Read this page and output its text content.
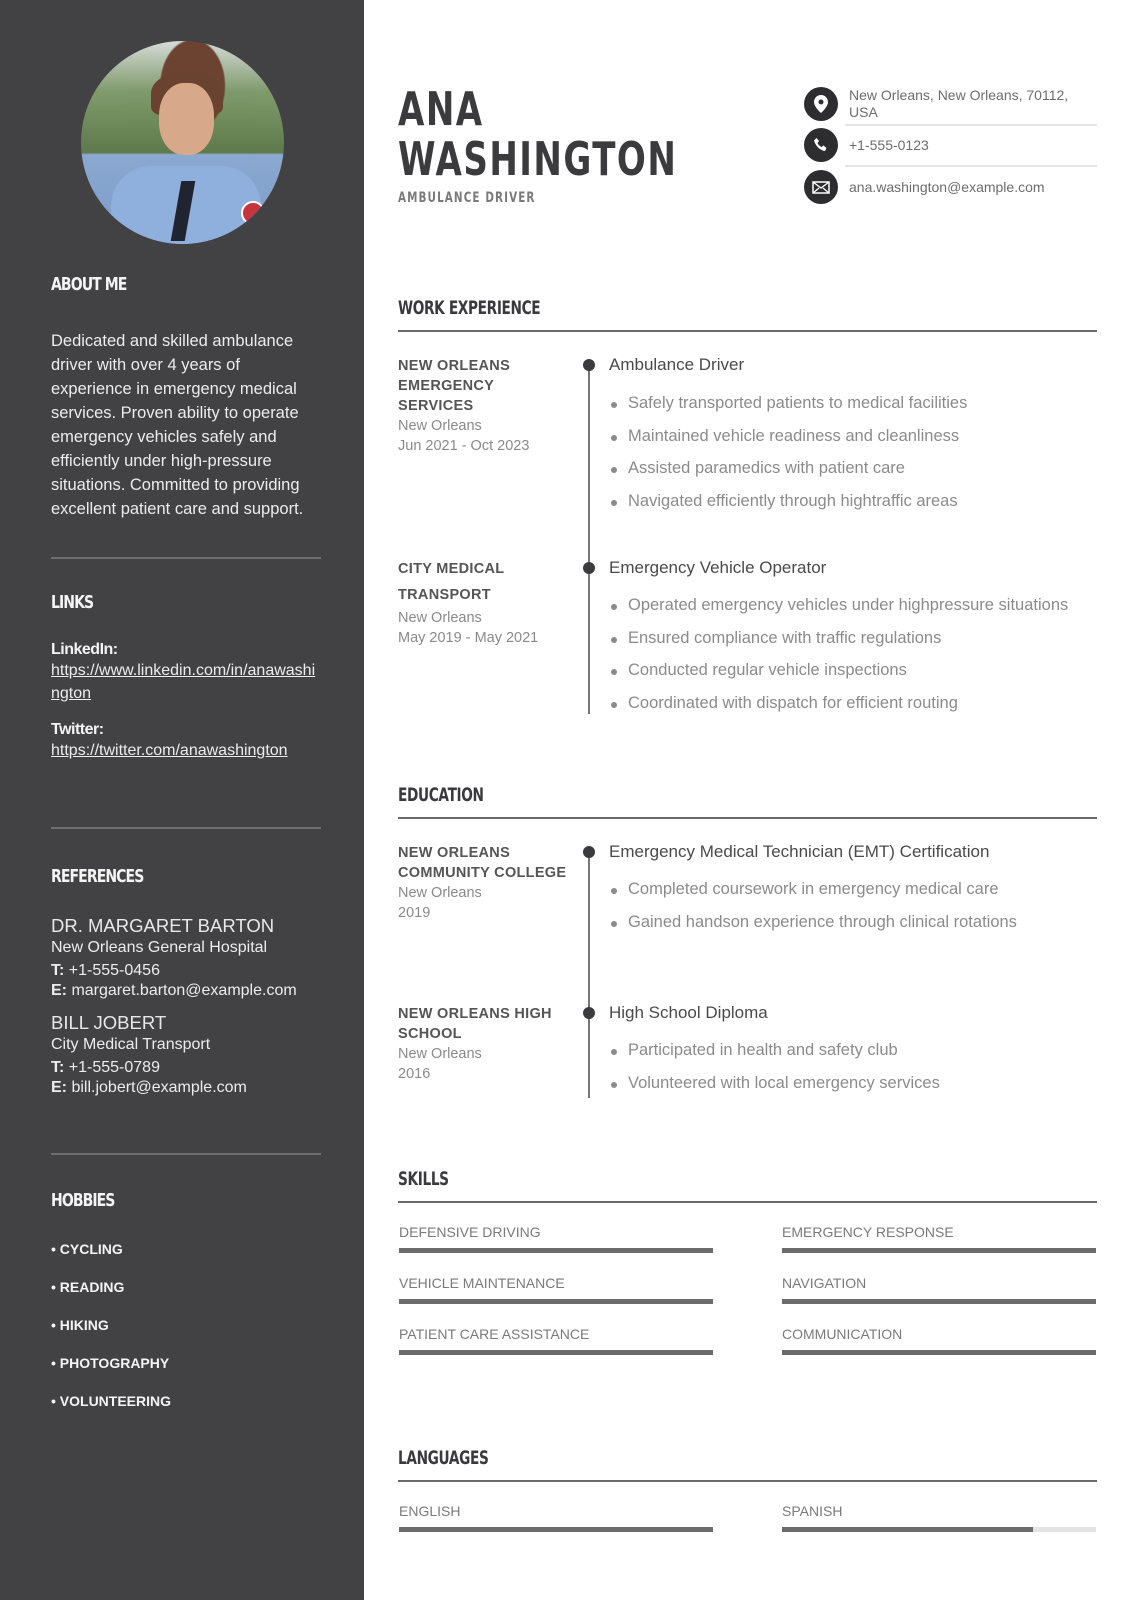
ABOUT ME

Dedicated and skilled ambulance driver with over 4 years of experience in emergency medical services. Proven ability to operate emergency vehicles safely and efficiently under high-pressure situations. Committed to providing excellent patient care and support.

LINKS
LinkedIn:
https://www.linkedin.com/in/anawashington
Twitter:
https://twitter.com/anawashington
REFERENCES
DR. MARGARET BARTON
New Orleans General Hospital
T: +1-555-0456
E: margaret.barton@example.com
BILL JOBERT
City Medical Transport
T: +1-555-0789
E: bill.jobert@example.com
HOBBIES
• CYCLING
• READING
• HIKING
• PHOTOGRAPHY
• VOLUNTEERING
ANA
WASHINGTON
AMBULANCE DRIVER
New Orleans, New Orleans, 70112, USA
+1-555-0123
ana.washington@example.com
WORK EXPERIENCE
NEW ORLEANS EMERGENCY SERVICES
New Orleans
Jun 2021 - Oct 2023
Ambulance Driver
Safely transported patients to medical facilities
Maintained vehicle readiness and cleanliness
Assisted paramedics with patient care
Navigated efficiently through hightraffic areas
CITY MEDICAL TRANSPORT
New Orleans
May 2019 - May 2021
Emergency Vehicle Operator
Operated emergency vehicles under highpressure situations
Ensured compliance with traffic regulations
Conducted regular vehicle inspections
Coordinated with dispatch for efficient routing
EDUCATION
NEW ORLEANS COMMUNITY COLLEGE
New Orleans
2019
Emergency Medical Technician (EMT) Certification
Completed coursework in emergency medical care
Gained handson experience through clinical rotations
NEW ORLEANS HIGH SCHOOL
New Orleans
2016
High School Diploma
Participated in health and safety club
Volunteered with local emergency services
SKILLS
DEFENSIVE DRIVING	EMERGENCY RESPONSE
VEHICLE MAINTENANCE	NAVIGATION
PATIENT CARE ASSISTANCE	COMMUNICATION
LANGUAGES
ENGLISH	SPANISH
